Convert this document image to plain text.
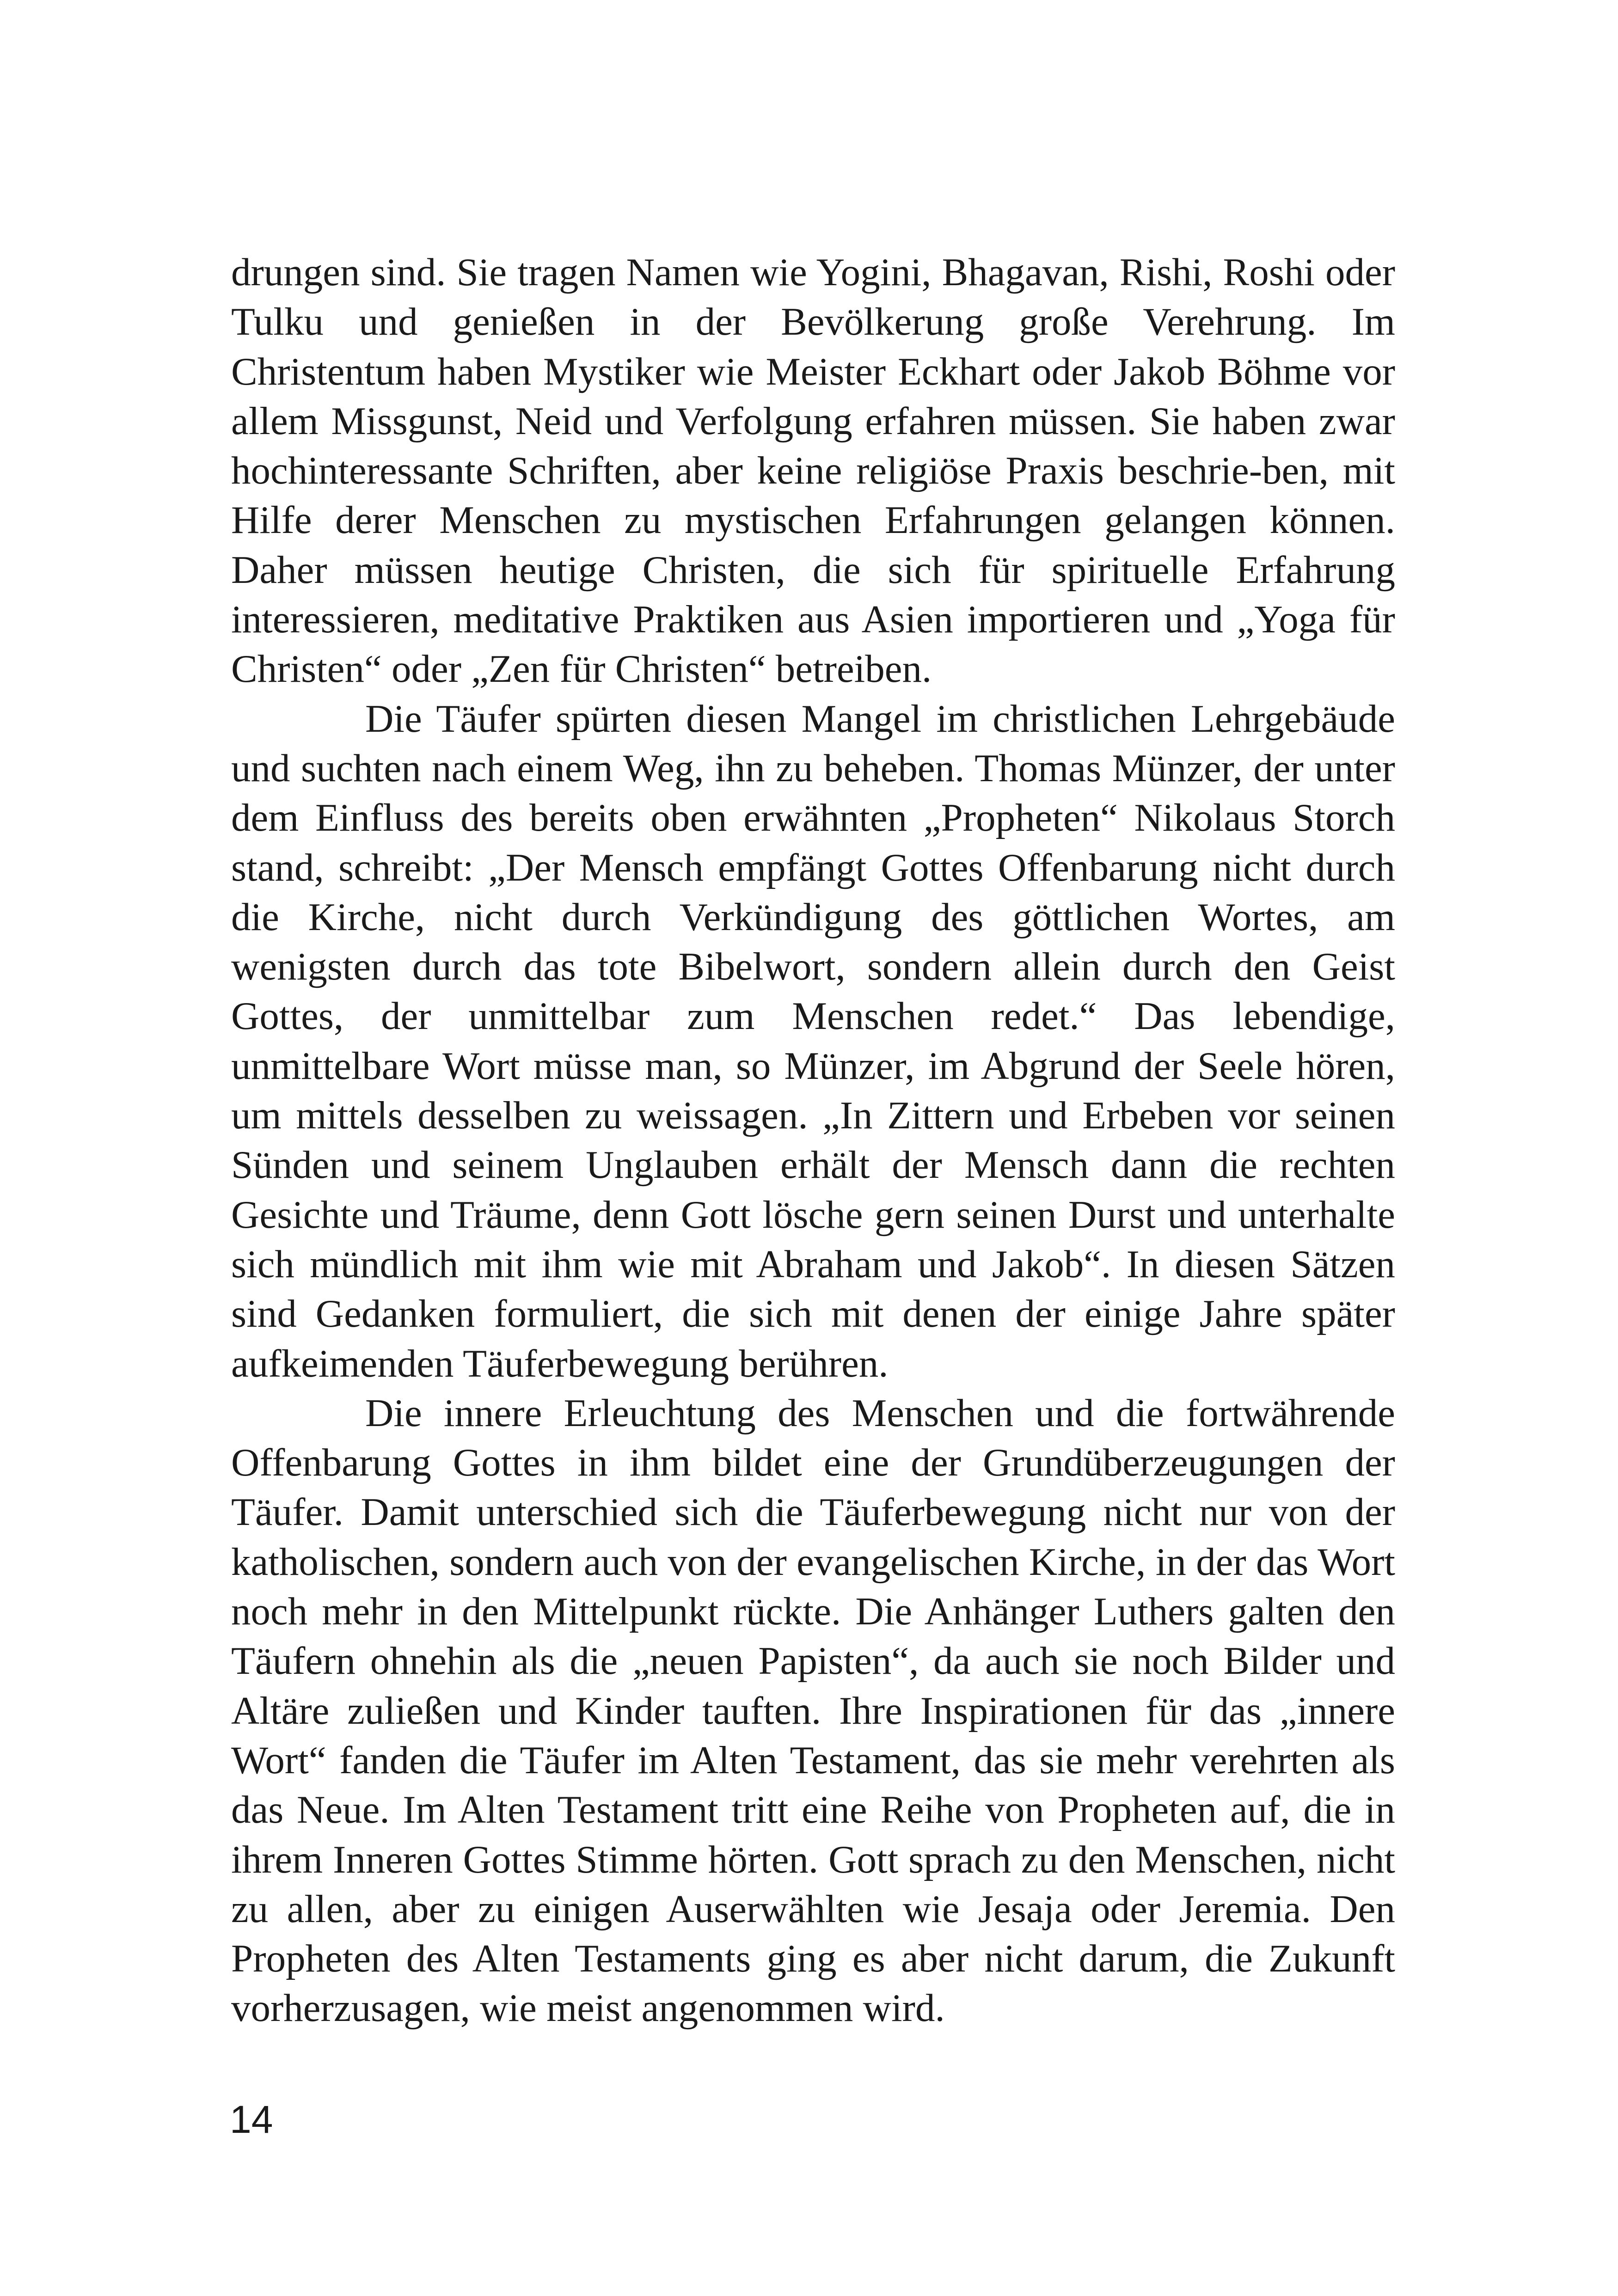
drungen sind. Sie tragen Namen wie Yogini, Bhagavan, Rishi, Roshi oder Tulku und genießen in der Bevölkerung große Verehrung. Im Christentum haben Mystiker wie Meister Eckhart oder Jakob Böhme vor allem Missgunst, Neid und Verfolgung erfahren müssen. Sie haben zwar hochinteressante Schriften, aber keine religiöse Praxis beschrie-ben, mit Hilfe derer Menschen zu mystischen Erfahrungen gelangen können. Daher müssen heutige Christen, die sich für spirituelle Erfahrung interessieren, meditative Praktiken aus Asien importieren und „Yoga für Christen“ oder „Zen für Christen“ betreiben.

Die Täufer spürten diesen Mangel im christlichen Lehrgebäude und suchten nach einem Weg, ihn zu beheben. Thomas Münzer, der unter dem Einfluss des bereits oben erwähnten „Propheten“ Nikolaus Storch stand, schreibt: „Der Mensch empfängt Gottes Offenbarung nicht durch die Kirche, nicht durch Verkündigung des göttlichen Wortes, am wenigsten durch das tote Bibelwort, sondern allein durch den Geist Gottes, der unmittelbar zum Menschen redet.“ Das lebendige, unmittelbare Wort müsse man, so Münzer, im Abgrund der Seele hören, um mittels desselben zu weissagen. „In Zittern und Erbeben vor seinen Sünden und seinem Unglauben erhält der Mensch dann die rechten Gesichte und Träume, denn Gott lösche gern seinen Durst und unterhalte sich mündlich mit ihm wie mit Abraham und Jakob“. In diesen Sätzen sind Gedanken formuliert, die sich mit denen der einige Jahre später aufkeimenden Täuferbewegung berühren.

Die innere Erleuchtung des Menschen und die fortwährende Offenbarung Gottes in ihm bildet eine der Grundüberzeugungen der Täufer. Damit unterschied sich die Täuferbewegung nicht nur von der katholischen, sondern auch von der evangelischen Kirche, in der das Wort noch mehr in den Mittelpunkt rückte. Die Anhänger Luthers galten den Täufern ohnehin als die „neuen Papisten“, da auch sie noch Bilder und Altäre zuließen und Kinder tauften. Ihre Inspirationen für das „innere Wort“ fanden die Täufer im Alten Testament, das sie mehr verehrten als das Neue. Im Alten Testament tritt eine Reihe von Propheten auf, die in ihrem Inneren Gottes Stimme hörten. Gott sprach zu den Menschen, nicht zu allen, aber zu einigen Auserwählten wie Jesaja oder Jeremia. Den Propheten des Alten Testaments ging es aber nicht darum, die Zukunft vorherzusagen, wie meist angenommen wird.

14
